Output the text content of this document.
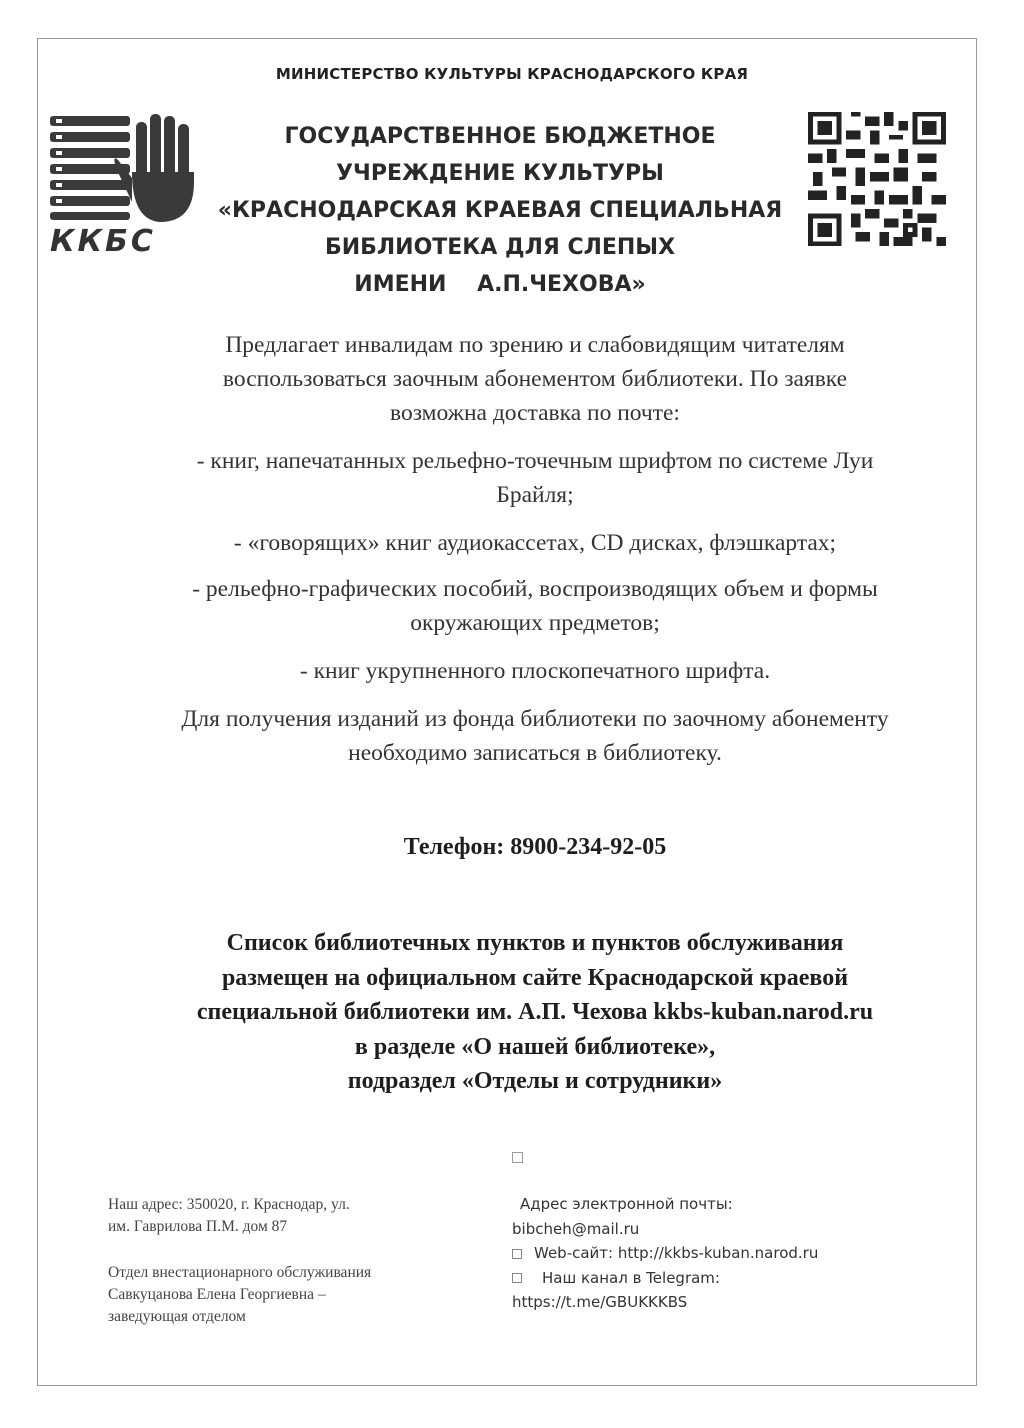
МИНИСТЕРСТВО КУЛЬТУРЫ КРАСНОДАРСКОГО КРАЯ
ККБС
ГОСУДАРСТВЕННОЕ БЮДЖЕТНОЕ
УЧРЕЖДЕНИЕ КУЛЬТУРЫ
«КРАСНОДАРСКАЯ КРАЕВАЯ СПЕЦИАЛЬНАЯ
БИБЛИОТЕКА ДЛЯ СЛЕПЫХ
ИМЕНИ    А.П.ЧЕХОВА»
Предлагает инвалидам по зрению и слабовидящим читателям
воспользоваться заочным абонементом библиотеки. По заявке
возможна доставка по почте:
- книг, напечатанных рельефно-точечным шрифтом по системе Луи
Брайля;
- «говорящих» книг аудиокассетах, CD дисках, флэшкартах;
- рельефно-графических пособий, воспроизводящих объем и формы
окружающих предметов;
- книг укрупненного плоскопечатного шрифта.
Для получения изданий из фонда библиотеки по заочному абонементу
необходимо записаться в библиотеку.
Телефон: 8900-234-92-05
Список библиотечных пунктов и пунктов обслуживания
размещен на официальном сайте Краснодарской краевой
специальной библиотеки им. А.П. Чехова kkbs-kuban.narod.ru
в разделе «О нашей библиотеке»,
подраздел «Отделы и сотрудники»
Наш адрес: 350020, г. Краснодар, ул.
им. Гаврилова П.М. дом 87
Отдел внестационарного обслуживания
Савкуцанова Елена Георгиевна –
заведующая отделом
Адрес электронной почты:
bibcheh@mail.ru
Web-сайт: http://kkbs-kuban.narod.ru
Наш канал в Telegram:
https://t.me/GBUKKKBS
